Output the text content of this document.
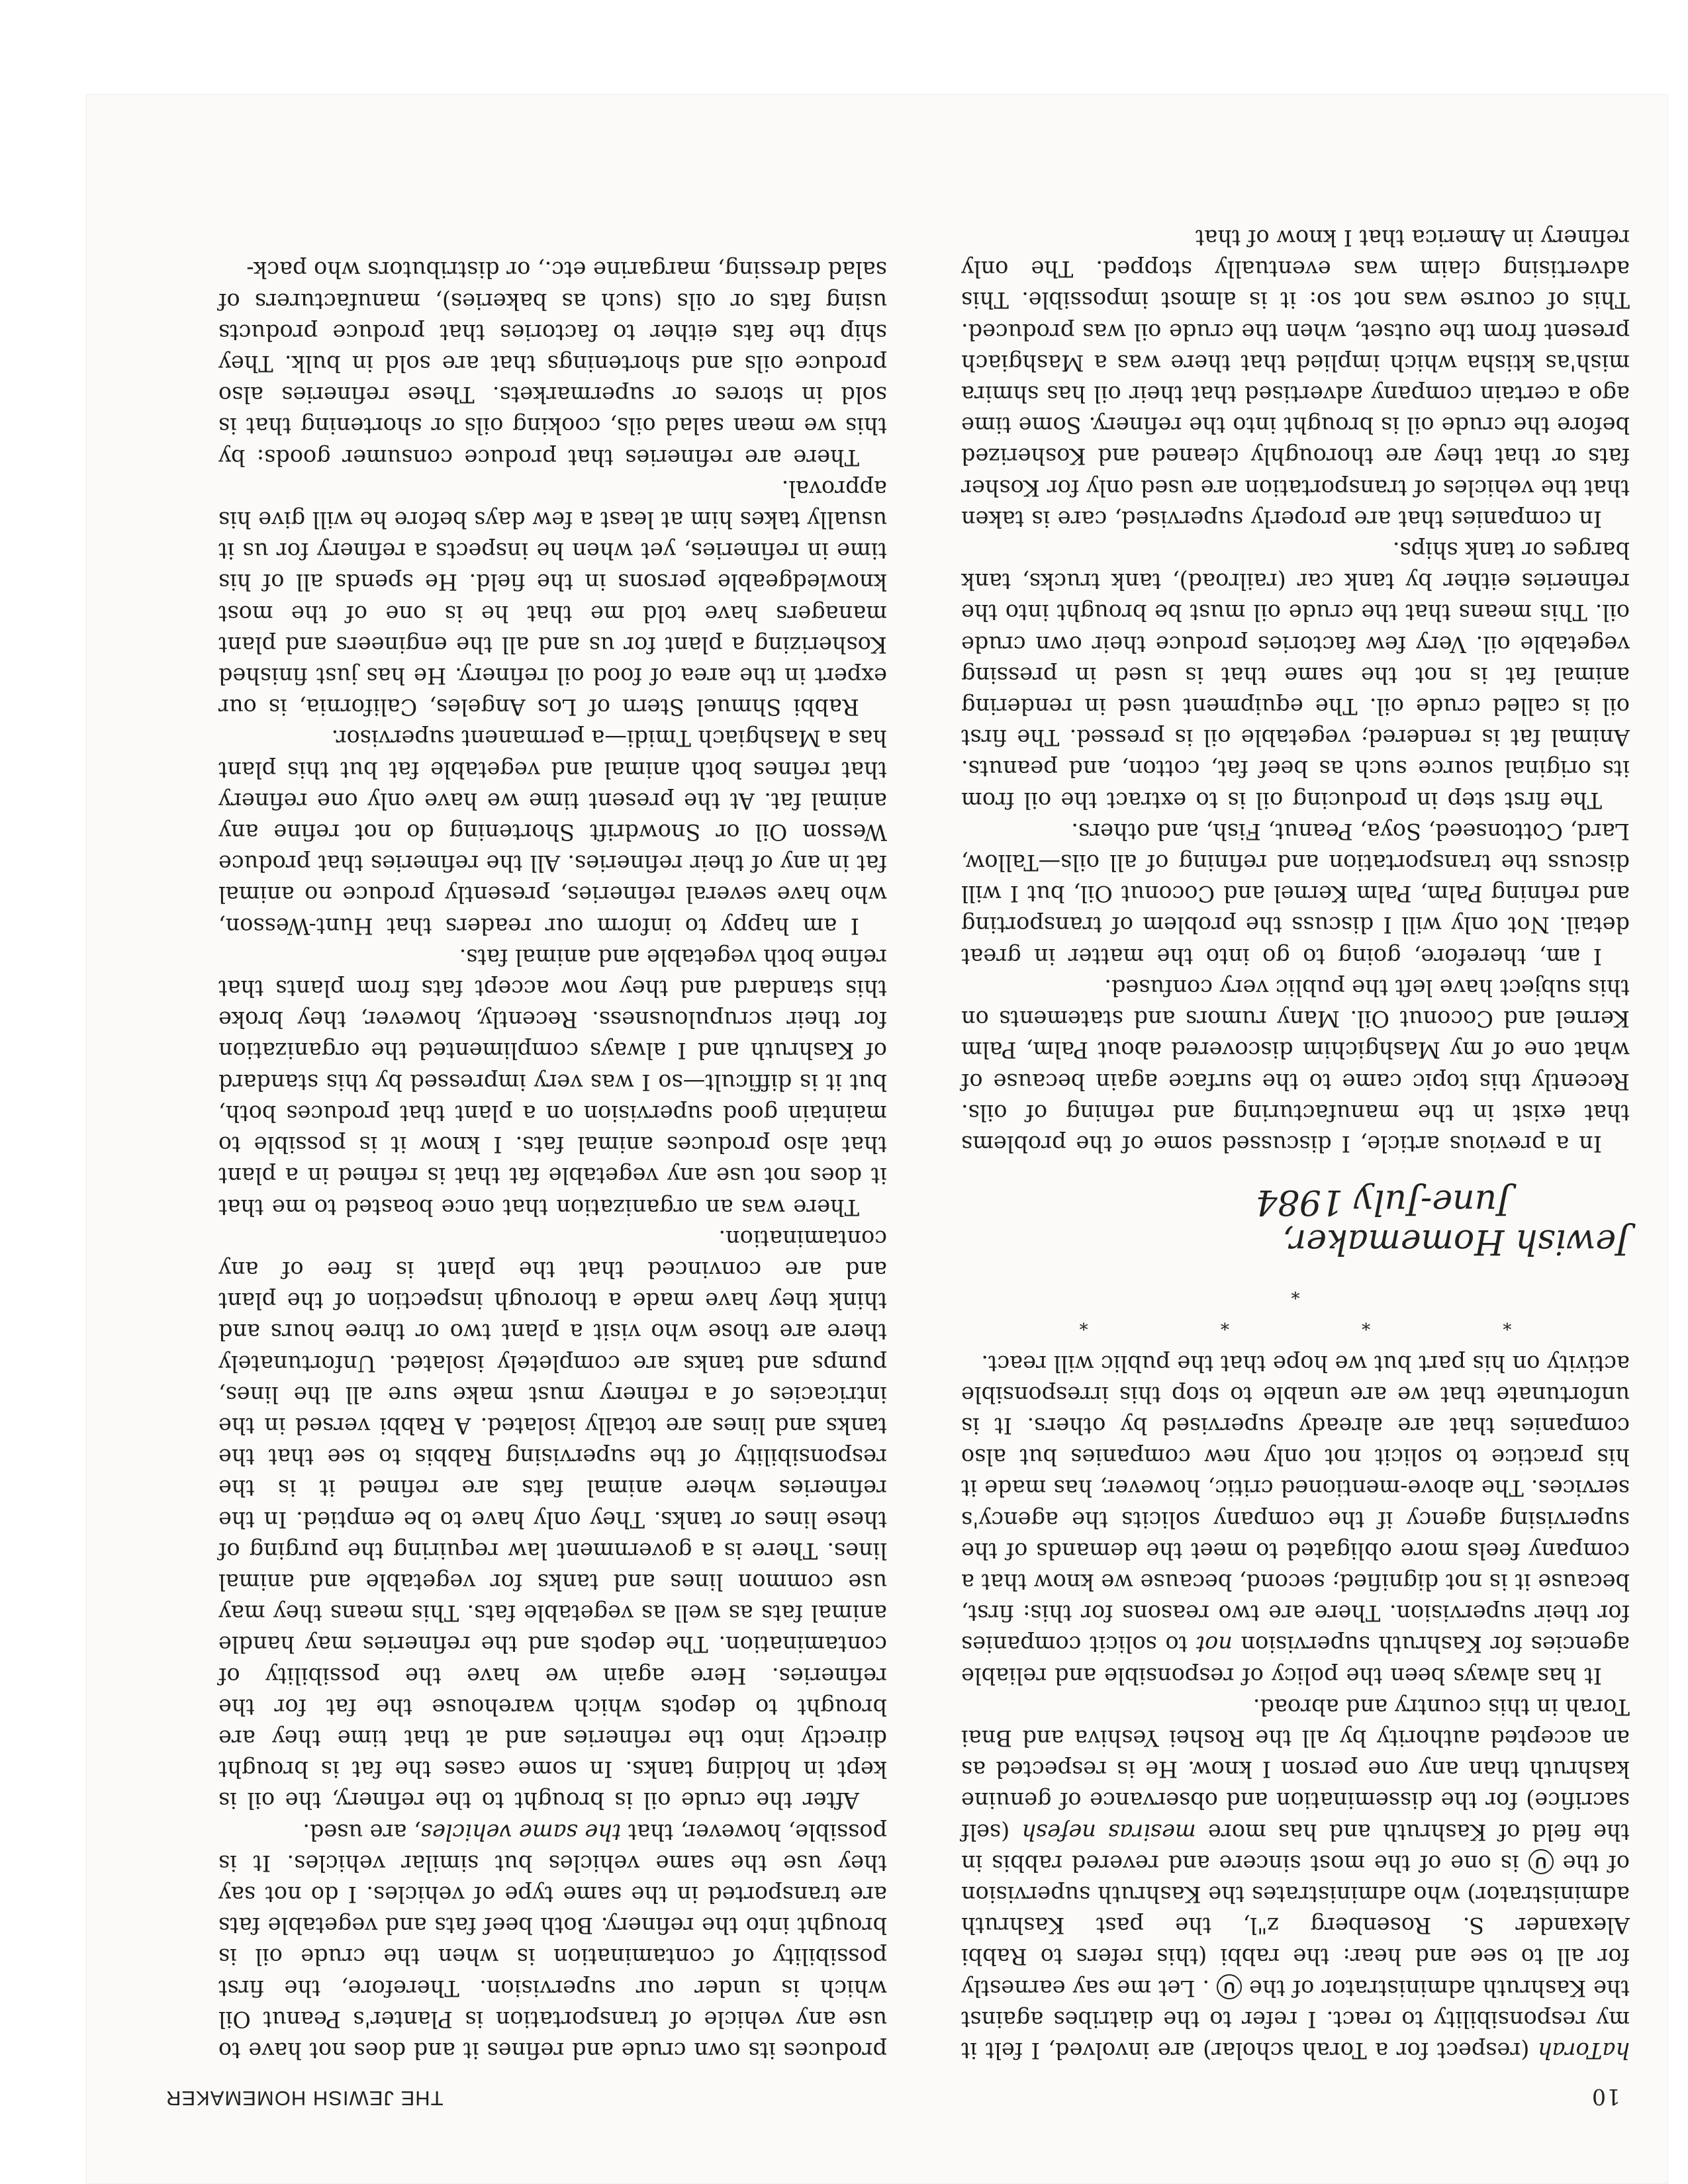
10
THE JEWISH HOMEMAKER

haTorah (respect for a Torah scholar) are involved, I felt it my responsibility to react. I refer to the diatribes against the Kashruth administrator of the U . Let me say earnestly for all to see and hear: the rabbi (this refers to Rabbi Alexander S. Rosenberg z"l, the past Kashruth administrator) who administrates the Kashruth supervision of the U is one of the most sincere and revered rabbis in the field of Kashruth and has more mesiras nefesh (self sacrifice) for the dissemination and observance of genuine kashruth than any one person I know. He is respected as an accepted authority by all the Roshei Yeshiva and Bnai Torah in this country and abroad.

It has always been the policy of responsible and reliable agencies for Kashruth supervision not to solicit companies for their supervision. There are two reasons for this: first, because it is not dignified; second, because we know that a company feels more obligated to meet the demands of the supervising agency if the company solicits the agency's services. The above-mentioned critic, however, has made it his practice to solicit not only new companies but also companies that are already supervised by others. It is unfortunate that we are unable to stop this irresponsible activity on his part but we hope that the public will react.

* * * * *
Jewish Homemaker,
June-July 1984

In a previous article, I discussed some of the problems that exist in the manufacturing and refining of oils. Recently this topic came to the surface again because of what one of my Mashgichim discovered about Palm, Palm Kernel and Coconut Oil. Many rumors and statements on this subject have left the public very confused.

I am, therefore, going to go into the matter in great detail. Not only will I discuss the problem of transporting and refining Palm, Palm Kernel and Coconut Oil, but I will discuss the transportation and refining of all oils—Tallow, Lard, Cottonseed, Soya, Peanut, Fish, and others.

The first step in producing oil is to extract the oil from its original source such as beef fat, cotton, and peanuts. Animal fat is rendered; vegetable oil is pressed. The first oil is called crude oil. The equipment used in rendering animal fat is not the same that is used in pressing vegetable oil. Very few factories produce their own crude oil. This means that the crude oil must be brought into the refineries either by tank car (railroad), tank trucks, tank barges or tank ships.

In companies that are properly supervised, care is taken that the vehicles of transportation are used only for Kosher fats or that they are thoroughly cleaned and Kosherized before the crude oil is brought into the refinery. Some time ago a certain company advertised that their oil has shmira mish'as ktisha which implied that there was a Mashgiach present from the outset, when the crude oil was produced. This of course was not so: it is almost impossible. This advertising claim was eventually stopped. The only refinery in America that I know of that

produces its own crude and refines it and does not have to use any vehicle of transportation is Planter's Peanut Oil which is under our supervision. Therefore, the first possibility of contamination is when the crude oil is brought into the refinery. Both beef fats and vegetable fats are transported in the same type of vehicles. I do not say they use the same vehicles but similar vehicles. It is possible, however, that the same vehicles, are used.

After the crude oil is brought to the refinery, the oil is kept in holding tanks. In some cases the fat is brought directly into the refineries and at that time they are brought to depots which warehouse the fat for the refineries. Here again we have the possibility of contamination. The depots and the refineries may handle animal fats as well as vegetable fats. This means they may use common lines and tanks for vegetable and animal lines. There is a government law requiring the purging of these lines or tanks. They only have to be emptied. In the refineries where animal fats are refined it is the responsibility of the supervising Rabbis to see that the tanks and lines are totally isolated. A Rabbi versed in the intricacies of a refinery must make sure all the lines, pumps and tanks are completely isolated. Unfortunately there are those who visit a plant two or three hours and think they have made a thorough inspection of the plant and are convinced that the plant is free of any contamination.

There was an organization that once boasted to me that it does not use any vegetable fat that is refined in a plant that also produces animal fats. I know it is possible to maintain good supervision on a plant that produces both, but it is difficult—so I was very impressed by this standard of Kashruth and I always complimented the organization for their scrupulousness. Recently, however, they broke this standard and they now accept fats from plants that refine both vegetable and animal fats.

I am happy to inform our readers that Hunt-Wesson, who have several refineries, presently produce no animal fat in any of their refineries. All the refineries that produce Wesson Oil or Snowdrift Shortening do not refine any animal fat. At the present time we have only one refinery that refines both animal and vegetable fat but this plant has a Mashgiach Tmidi—a permanent supervisor.

Rabbi Shmuel Stern of Los Angeles, California, is our expert in the area of food oil refinery. He has just finished Kosherizing a plant for us and all the engineers and plant managers have told me that he is one of the most knowledgeable persons in the field. He spends all of his time in refineries, yet when he inspects a refinery for us it usually takes him at least a few days before he will give his approval.

There are refineries that produce consumer goods: by this we mean salad oils, cooking oils or shortening that is sold in stores or supermarkets. These refineries also produce oils and shortenings that are sold in bulk. They ship the fats either to factories that produce products using fats or oils (such as bakeries), manufacturers of salad dressing, margarine etc., or distributors who pack-
